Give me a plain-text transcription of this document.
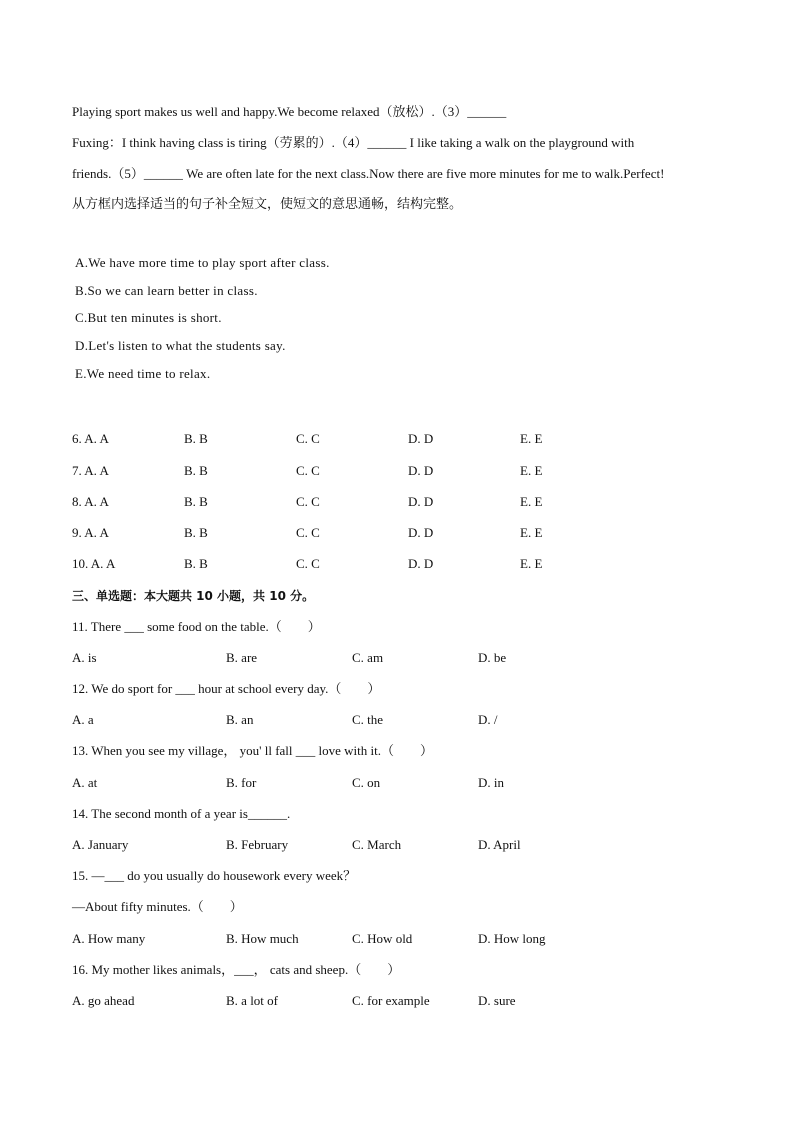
Playing sport makes us well and happy.We become relaxed（放松）.（3）______
Fuxing：I think having class is tiring（劳累的）.（4）______ I like taking a walk on the playground with
friends.（5）______ We are often late for the next class.Now there are five more minutes for me to walk.Perfect!
从方框内选择适当的句子补全短文，使短文的意思通畅，结构完整。
A.We have more time to play sport after class.
B.So we can learn better in class.
C.But ten minutes is short.
D.Let's listen to what the students say.
E.We need time to relax.
6. A. A	B. B	C. C	D. D	E. E
7. A. A	B. B	C. C	D. D	E. E
8. A. A	B. B	C. C	D. D	E. E
9. A. A	B. B	C. C	D. D	E. E
10. A. A	B. B	C. C	D. D	E. E
三、单选题：本大题共 10 小题，共 10 分。
11. There ___ some food on the table.（　　）
A. is	B. are	C. am	D. be
12. We do sport for ___ hour at school every day.（　　）
A. a	B. an	C. the	D. /
13. When you see my village， you' ll fall ___ love with it.（　　）
A. at	B. for	C. on	D. in
14. The second month of a year is______.
A. January	B. February	C. March	D. April
15. —___ do you usually do housework every week？
—About fifty minutes.（　　）
A. How many	B. How much	C. How old	D. How long
16. My mother likes animals，___， cats and sheep.（　　）
A. go ahead	B. a lot of	C. for example	D. sure
